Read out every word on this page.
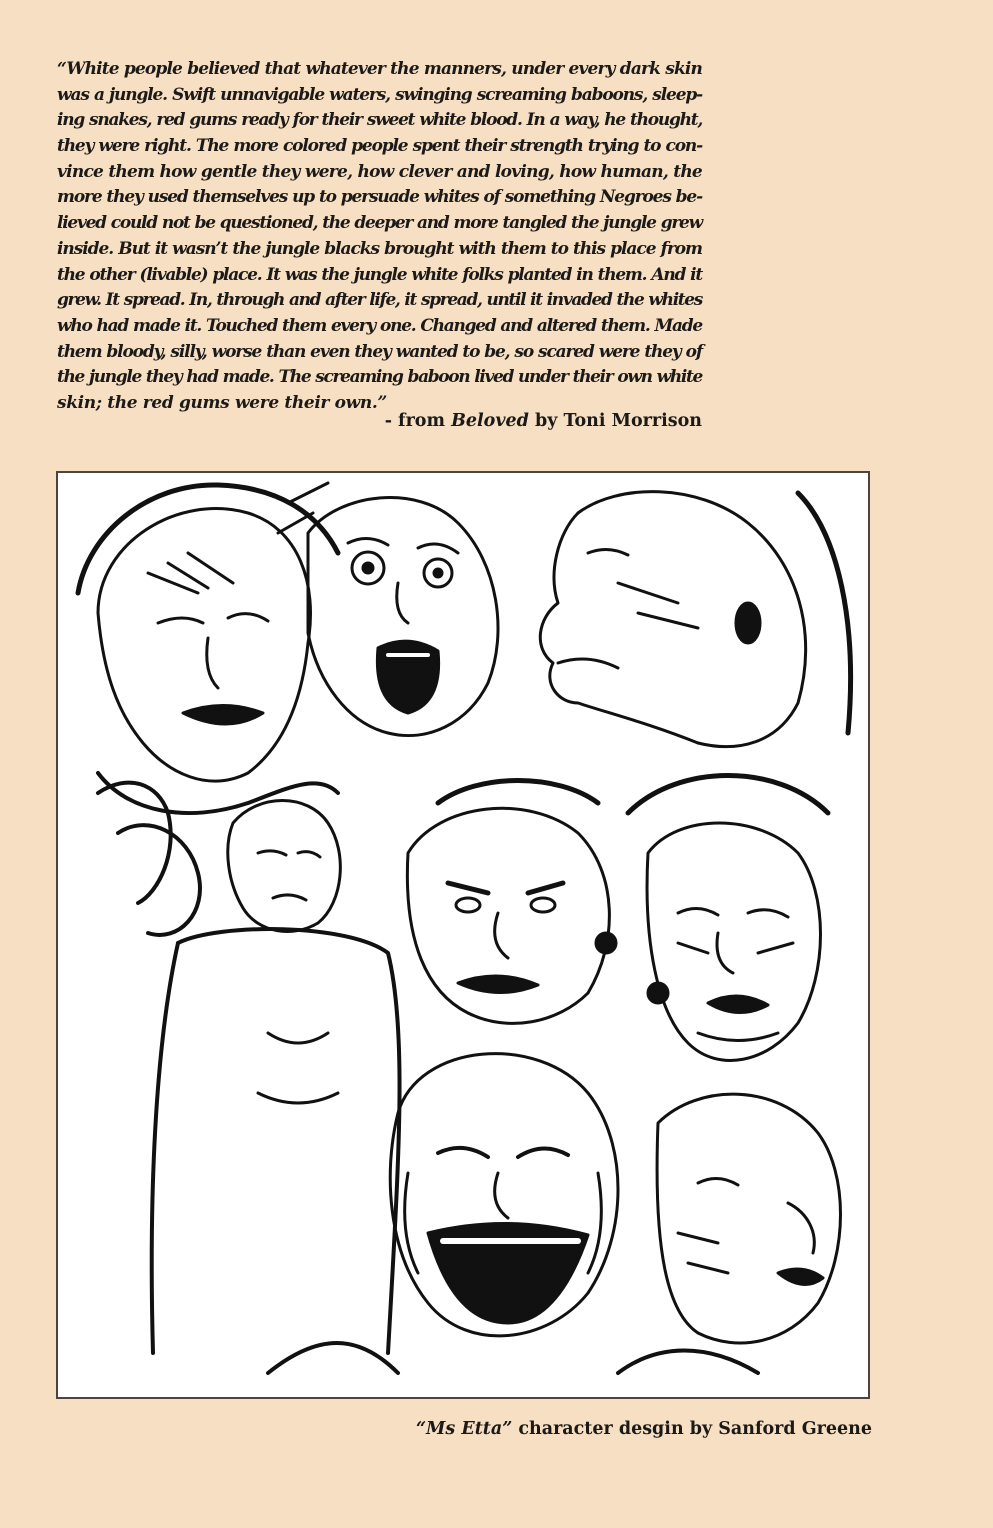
“White people believed that whatever the manners, under every dark skin
was a jungle. Swift unnavigable waters, swinging screaming baboons, sleep-
ing snakes, red gums ready for their sweet white blood. In a way, he thought,
they were right. The more colored people spent their strength trying to con-
vince them how gentle they were, how clever and loving, how human, the
more they used themselves up to persuade whites of something Negroes be-
lieved could not be questioned, the deeper and more tangled the jungle grew
inside. But it wasn’t the jungle blacks brought with them to this place from
the other (livable) place. It was the jungle white folks planted in them. And it
grew. It spread. In, through and after life, it spread, until it invaded the whites
who had made it. Touched them every one. Changed and altered them. Made
them bloody, silly, worse than even they wanted to be, so scared were they of
the jungle they had made. The screaming baboon lived under their own white
skin; the red gums were their own.”
- from Beloved by Toni Morrison
“Ms Etta” character desgin by Sanford Greene
